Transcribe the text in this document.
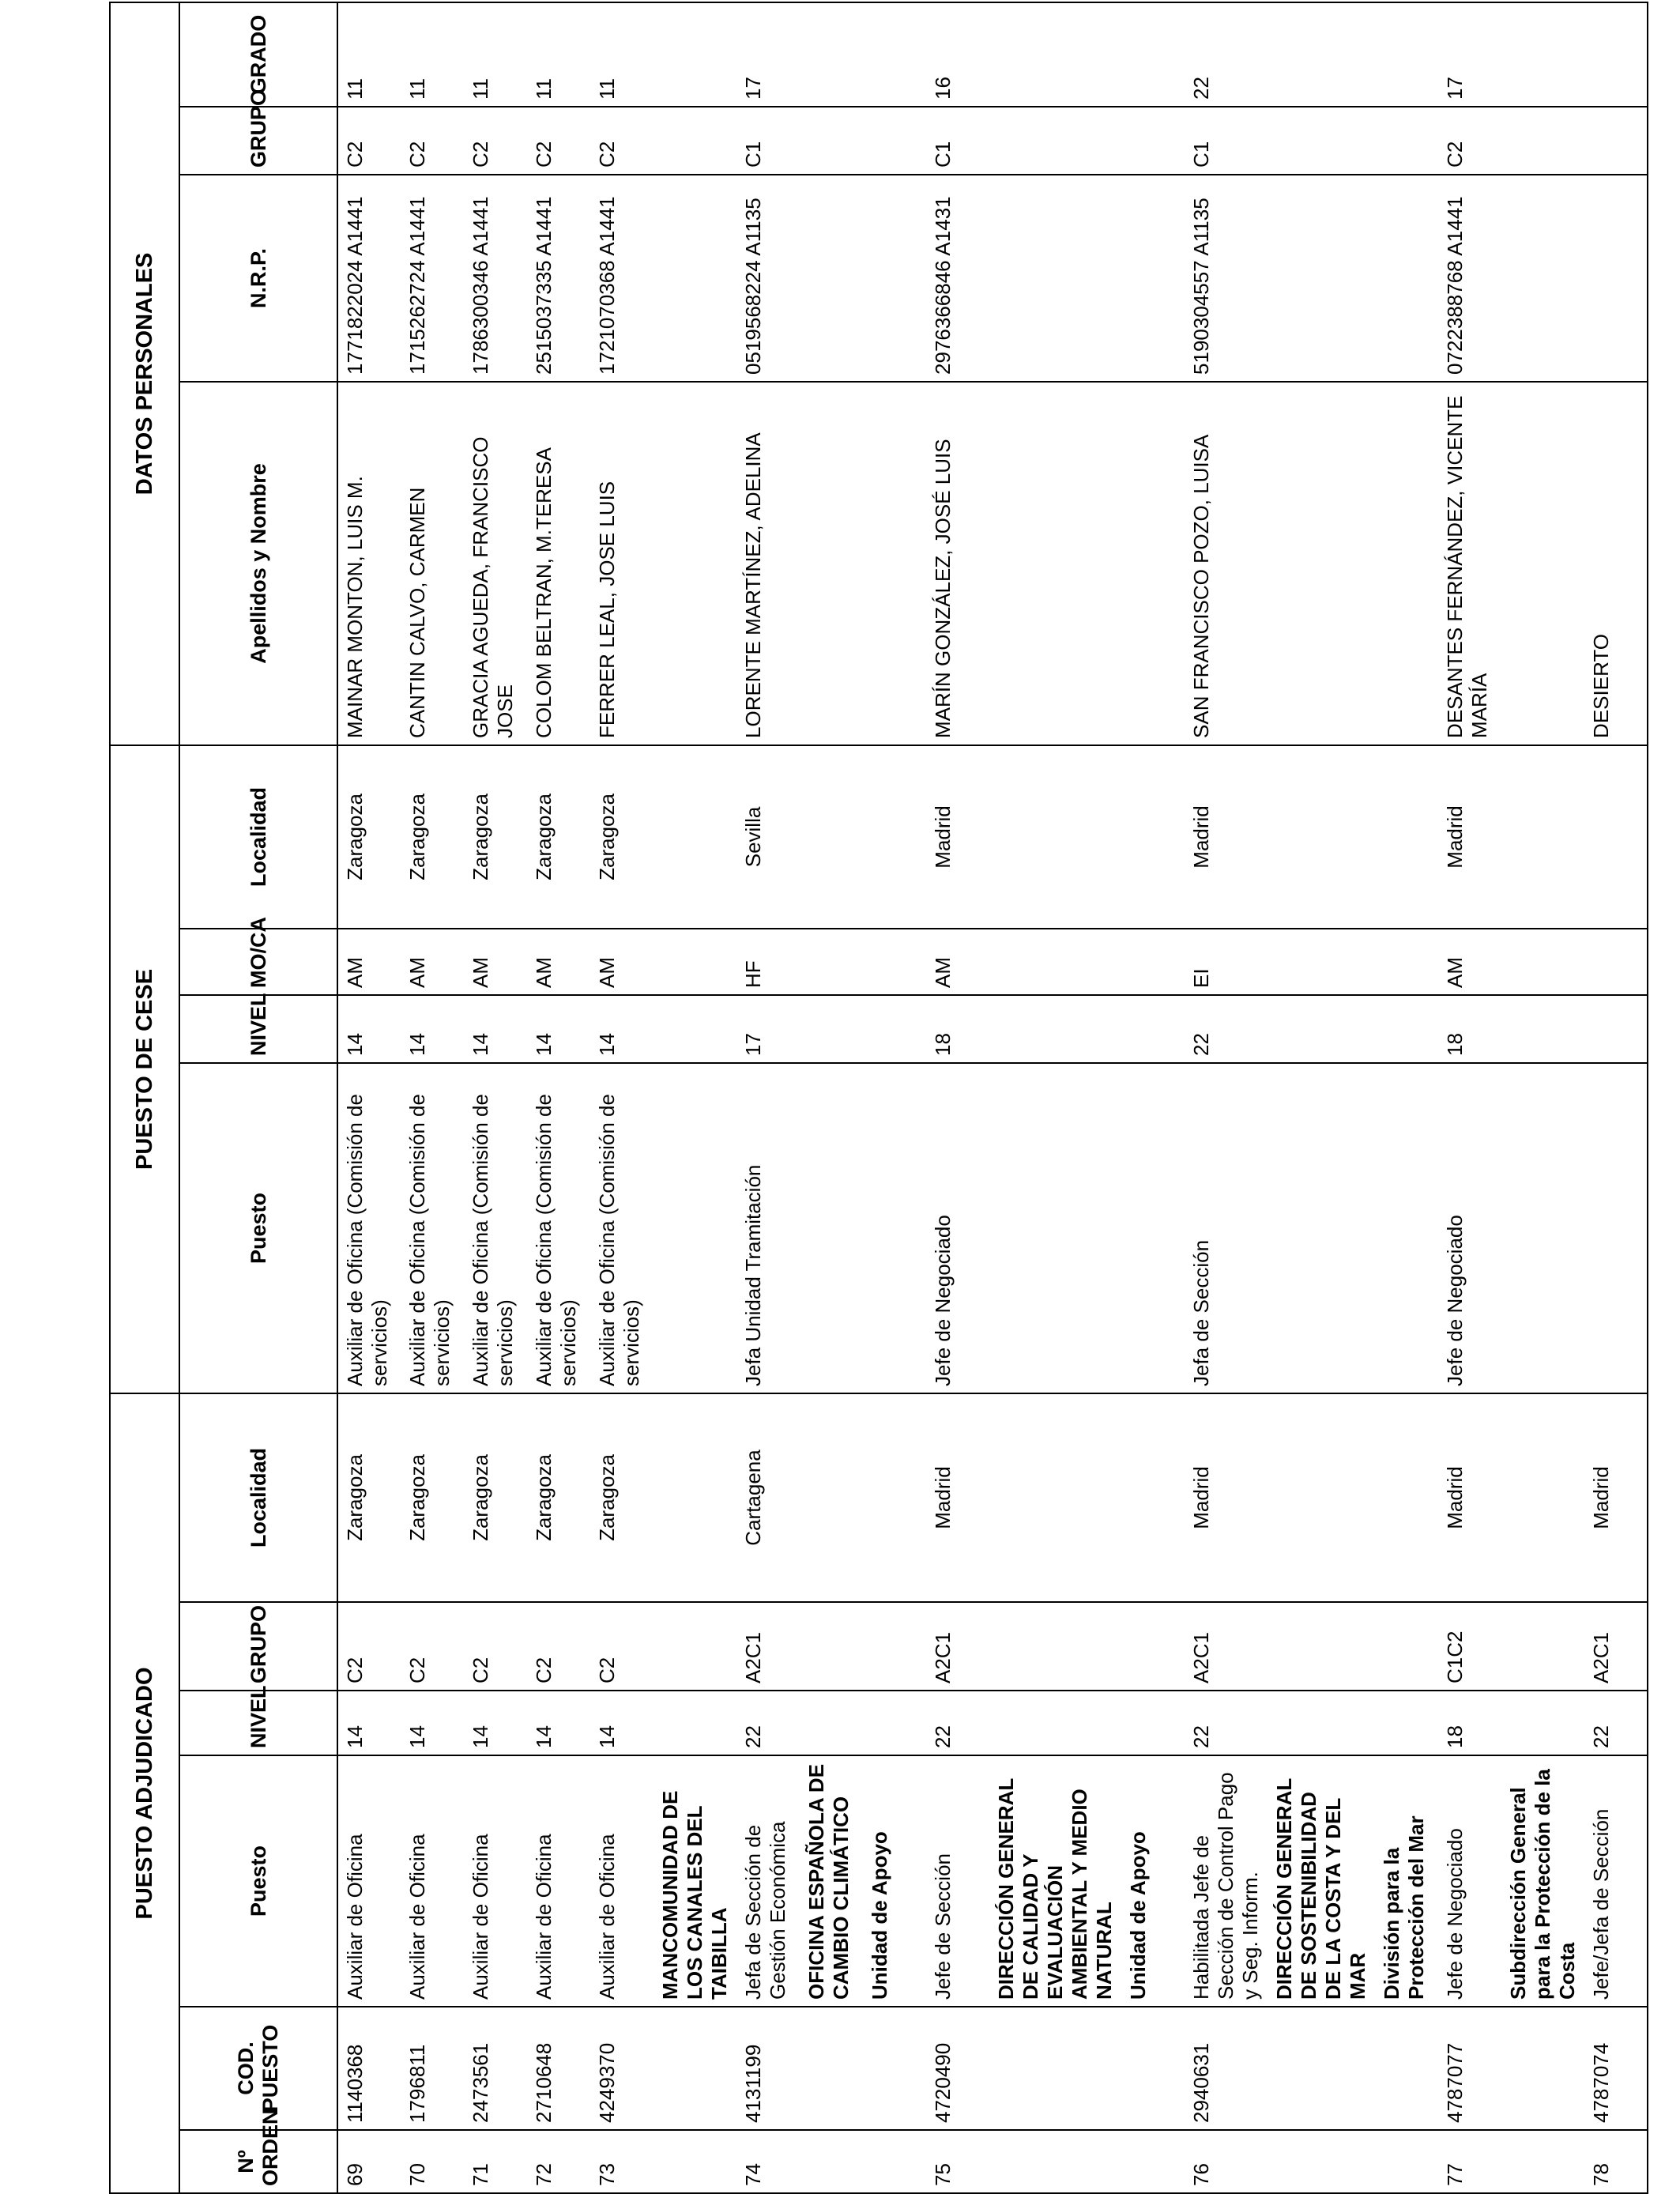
PUESTO ADJUDICADO						PUESTO DE CESE				DATOS PERSONALES			
Nº ORDEN	COD. PUESTO	Puesto	NIVEL	GRUPO	Localidad	Puesto	NIVEL	MO/CA	Localidad	Apellidos y Nombre	N.R.P.	GRUPO	GRADO
69	1140368	Auxiliar de Oficina	14	C2	Zaragoza	Auxiliar de Oficina (Comisión de servicios)	14	AM	Zaragoza	MAINAR MONTON, LUIS M.	1771822024 A1441	C2	11
70	1796811	Auxiliar de Oficina	14	C2	Zaragoza	Auxiliar de Oficina (Comisión de servicios)	14	AM	Zaragoza	CANTIN CALVO, CARMEN	1715262724 A1441	C2	11
71	2473561	Auxiliar de Oficina	14	C2	Zaragoza	Auxiliar de Oficina (Comisión de servicios)	14	AM	Zaragoza	GRACIA AGUEDA, FRANCISCO JOSE	1786300346 A1441	C2	11
72	2710648	Auxiliar de Oficina	14	C2	Zaragoza	Auxiliar de Oficina (Comisión de servicios)	14	AM	Zaragoza	COLOM BELTRAN, M.TERESA	2515037335 A1441	C2	11
73	4249370	Auxiliar de Oficina	14	C2	Zaragoza	Auxiliar de Oficina (Comisión de servicios)	14	AM	Zaragoza	FERRER LEAL, JOSE LUIS	1721070368 A1441	C2	11
		MANCOMUNIDAD DE LOS CANALES DEL TAIBILLA											
74	4131199	Jefa de Sección de Gestión Económica	22	A2C1	Cartagena	Jefa Unidad Tramitación	17	HF	Sevilla	LORENTE MARTÍNEZ, ADELINA	0519568224 A1135	C1	17
		OFICINA ESPAÑOLA DE CAMBIO CLIMÁTICO											
		Unidad de Apoyo											
75	4720490	Jefe de Sección	22	A2C1	Madrid	Jefe de Negociado	18	AM	Madrid	MARÍN GONZÁLEZ, JOSÉ LUIS	2976366846 A1431	C1	16
		DIRECCIÓN GENERAL DE CALIDAD Y EVALUACIÓN AMBIENTAL Y MEDIO NATURAL											
		Unidad de Apoyo											
76	2940631	Habilitada Jefe de Sección de Control Pago y Seg. Inform.	22	A2C1	Madrid	Jefa de Sección	22	EI	Madrid	SAN FRANCISCO POZO, LUISA	5190304557 A1135	C1	22
		DIRECCIÓN GENERAL DE SOSTENIBILIDAD DE LA COSTA Y DEL MAR											
		División para la Protección del Mar											
77	4787077	Jefe de Negociado	18	C1C2	Madrid	Jefe de Negociado	18	AM	Madrid	DESANTES FERNÁNDEZ, VICENTE MARÍA	0722388768 A1441	C2	17
		Subdirección General para la Protección de la Costa											
78	4787074	Jefe/Jefa de Sección	22	A2C1	Madrid					DESIERTO			
